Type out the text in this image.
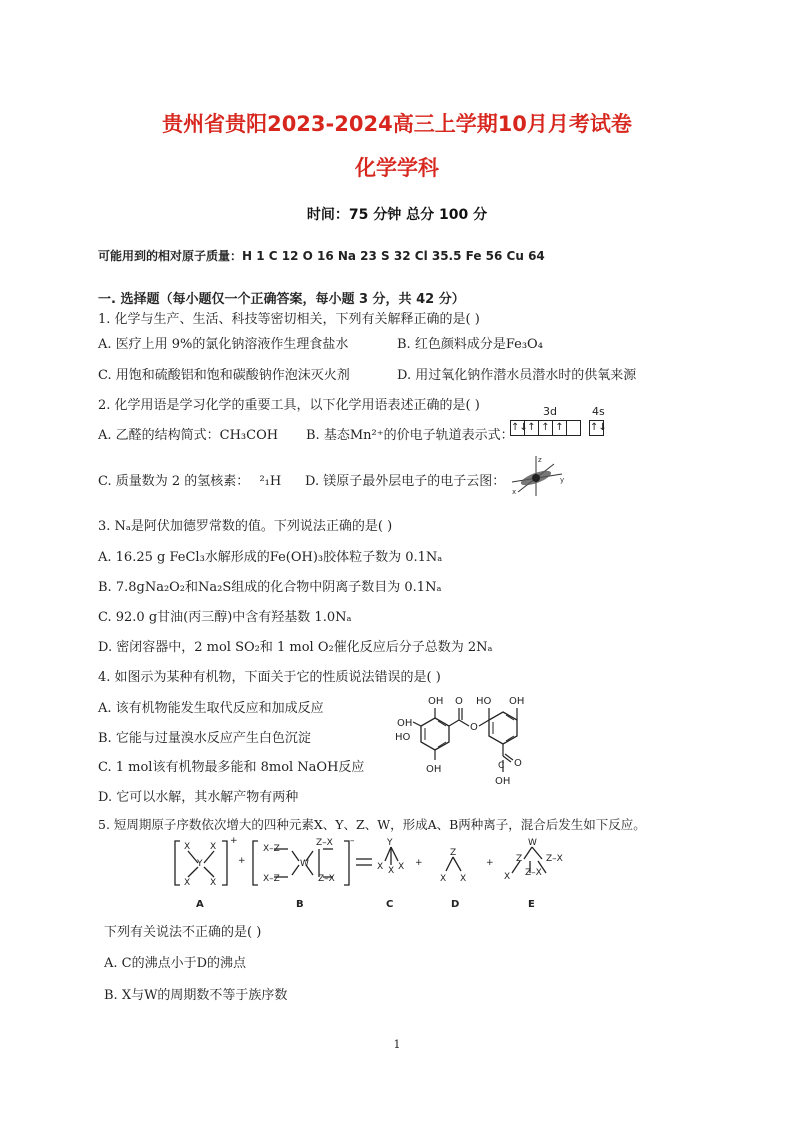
贵州省贵阳2023-2024高三上学期10月月考试卷
化学学科
时间：75 分钟 总分 100 分
可能用到的相对原子质量：H 1 C 12 O 16 Na 23 S 32 Cl 35.5 Fe 56 Cu 64
一. 选择题（每小题仅一个正确答案，每小题 3 分，共 42 分）
1. 化学与生产、生活、科技等密切相关，下列有关解释正确的是( )
A. 医疗上用 9%的氯化钠溶液作生理食盐水	B. 红色颜料成分是Fe₃O₄
C. 用饱和硫酸铝和饱和碳酸钠作泡沫灭火剂	D. 用过氧化钠作潜水员潜水时的供氧来源
2. 化学用语是学习化学的重要工具，以下化学用语表述正确的是( )
A. 乙醛的结构简式：CH₃COH B. 基态Mn²⁺的价电子轨道表示式：
3d	4s
↑↓ ↑ ↑ ↑	↑↓
C. 质量数为 2 的氢核素： ²₁H D. 镁原子最外层电子的电子云图：
z
x
y
3. Nₐ是阿伏加德罗常数的值。下列说法正确的是( )
A. 16.25 g FeCl₃水解形成的Fe(OH)₃胶体粒子数为 0.1Nₐ
B. 7.8gNa₂O₂和Na₂S组成的化合物中阴离子数目为 0.1Nₐ
C. 92.0 g甘油(丙三醇)中含有羟基数 1.0Nₐ
D. 密闭容器中，2 mol SO₂和 1 mol O₂催化反应后分子总数为 2Nₐ
4. 如图示为某种有机物，下面关于它的性质说法错误的是( )
A. 该有机物能发生取代反应和加成反应
B. 它能与过量溴水反应产生白色沉淀
C. 1 mol该有机物最多能和 8mol NaOH反应
D. 它可以水解，其水解产物有两种
OH
OH
HO
OH
HO OH
O
O
C O
OH
5. 短周期原子序数依次增大的四种元素X、Y、Z、W，形成A、B两种离子，混合后发生如下反应。
X X
Y
X X
+
+
X–Z
Z–X
W
X–Z	Z–X
–	Y
X X X +
Z
X X
+
W
Z	Z–X
X Z–X
A	B	C	D	E
下列有关说法不正确的是( )
A. C的沸点小于D的沸点
B. X与W的周期数不等于族序数
1
